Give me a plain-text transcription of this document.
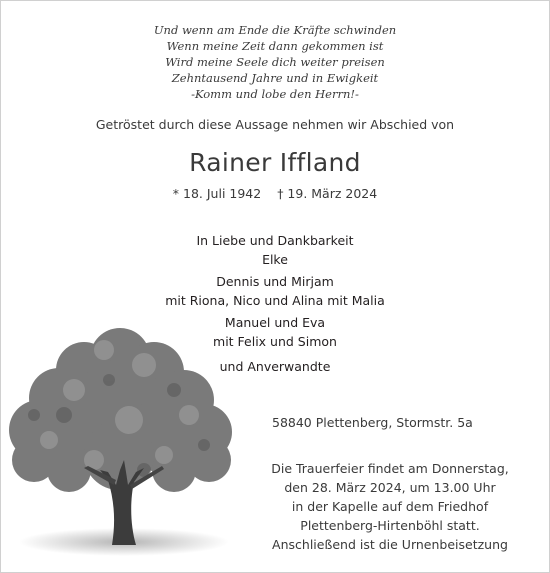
Und wenn am Ende die Kräfte schwinden
Wenn meine Zeit dann gekommen ist
Wird meine Seele dich weiter preisen
Zehntausend Jahre und in Ewigkeit
-Komm und lobe den Herrn!-
Getröstet durch diese Aussage nehmen wir Abschied von
Rainer Iffland
* 18. Juli 1942 † 19. März 2024
In Liebe und Dankbarkeit
Elke
Dennis und Mirjam
mit Riona, Nico und Alina mit Malia
Manuel und Eva
mit Felix und Simon
und Anverwandte
58840 Plettenberg, Stormstr. 5a
Die Trauerfeier findet am Donnerstag,
den 28. März 2024, um 13.00 Uhr
in der Kapelle auf dem Friedhof
Plettenberg-Hirtenböhl statt.
Anschließend ist die Urnenbeisetzung
